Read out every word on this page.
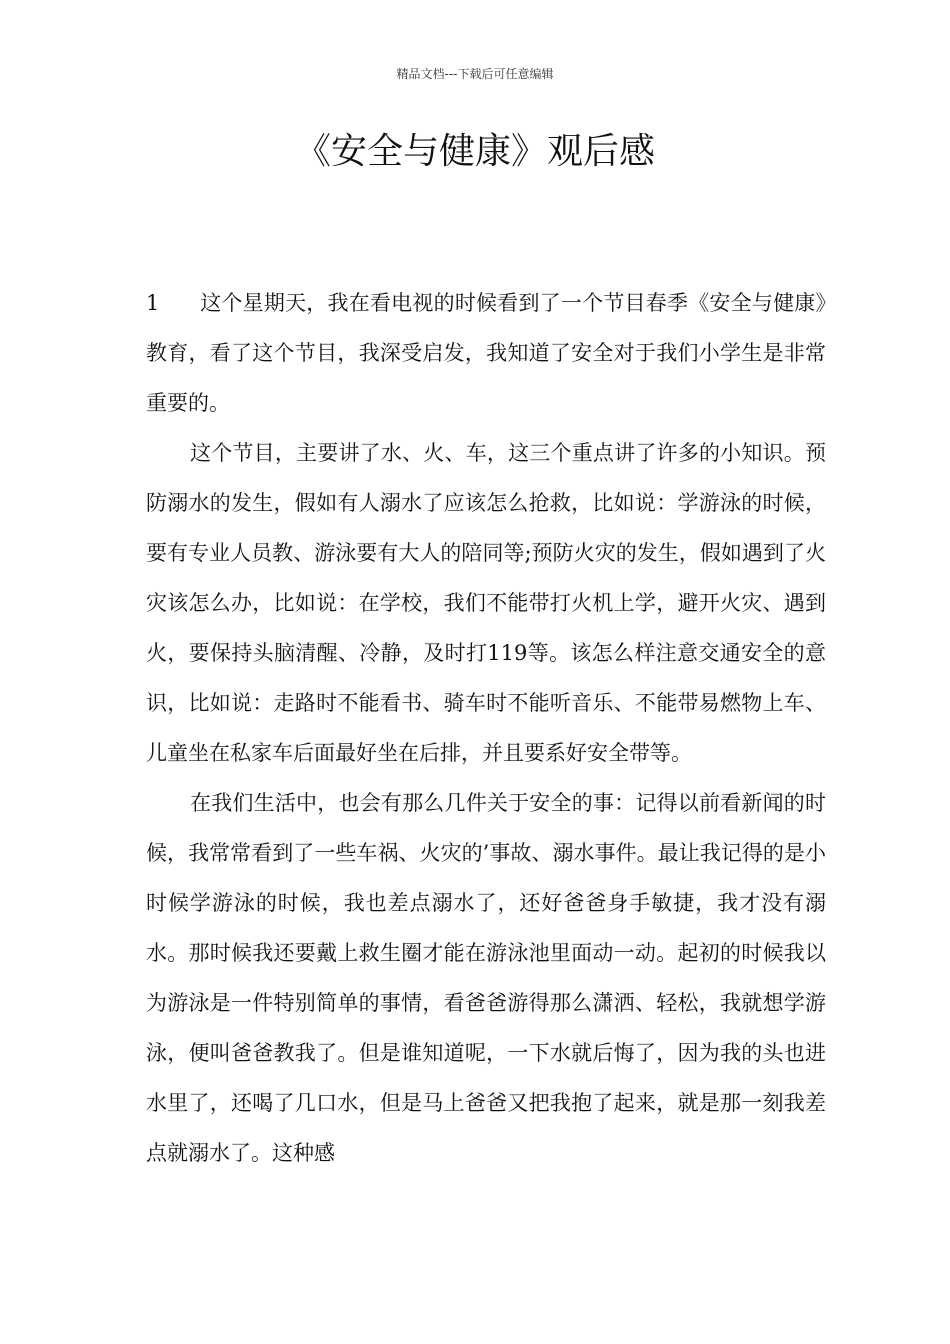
精品文档---下载后可任意编辑
《安全与健康》观后感

1 这个星期天，我在看电视的时候看到了一个节目春季《安全与健康》教育，看了这个节目，我深受启发，我知道了安全对于我们小学生是非常重要的。

这个节目，主要讲了水、火、车，这三个重点讲了许多的小知识。预防溺水的发生，假如有人溺水了应该怎么抢救，比如说：学游泳的时候，要有专业人员教、游泳要有大人的陪同等;预防火灾的发生，假如遇到了火灾该怎么办，比如说：在学校，我们不能带打火机上学，避开火灾、遇到火，要保持头脑清醒、冷静，及时打119等。该怎么样注意交通安全的意识，比如说：走路时不能看书、骑车时不能听音乐、不能带易燃物上车、儿童坐在私家车后面最好坐在后排，并且要系好安全带等。

在我们生活中，也会有那么几件关于安全的事：记得以前看新闻的时候，我常常看到了一些车祸、火灾的’事故、溺水事件。最让我记得的是小时候学游泳的时候，我也差点溺水了，还好爸爸身手敏捷，我才没有溺水。那时候我还要戴上救生圈才能在游泳池里面动一动。起初的时候我以为游泳是一件特别简单的事情，看爸爸游得那么潇洒、轻松，我就想学游泳，便叫爸爸教我了。但是谁知道呢，一下水就后悔了，因为我的头也进水里了，还喝了几口水，但是马上爸爸又把我抱了起来，就是那一刻我差点就溺水了。这种感
